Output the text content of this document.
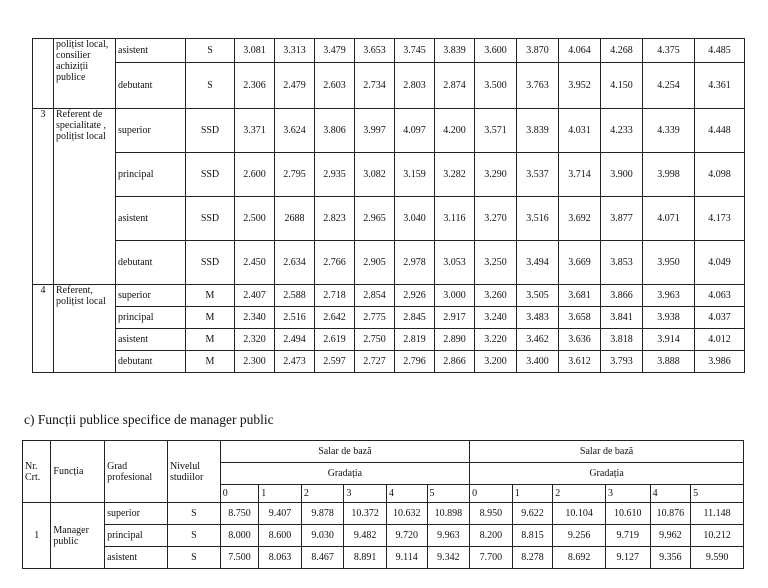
	polițist local, consilier achiziții publice	asistent	S	3.081	3.313	3.479	3.653	3.745	3.839	3.600	3.870	4.064	4.268	4.375	4.485
		debutant	S	2.306	2.479	2.603	2.734	2.803	2.874	3.500	3.763	3.952	4.150	4.254	4.361
3	Referent de specialitate , polițist local	superior	SSD	3.371	3.624	3.806	3.997	4.097	4.200	3.571	3.839	4.031	4.233	4.339	4.448
		principal	SSD	2.600	2.795	2.935	3.082	3.159	3.282	3.290	3.537	3.714	3.900	3.998	4.098
		asistent	SSD	2.500	2688	2.823	2.965	3.040	3.116	3.270	3.516	3.692	3.877	4.071	4.173
		debutant	SSD	2.450	2.634	2.766	2.905	2.978	3.053	3.250	3.494	3.669	3.853	3.950	4.049
4	Referent, polițist local	superior	M	2.407	2.588	2.718	2.854	2.926	3.000	3.260	3.505	3.681	3.866	3.963	4.063
		principal	M	2.340	2.516	2.642	2.775	2.845	2.917	3.240	3.483	3.658	3.841	3.938	4.037
		asistent	M	2.320	2.494	2.619	2.750	2.819	2.890	3.220	3.462	3.636	3.818	3.914	4.012
		debutant	M	2.300	2.473	2.597	2.727	2.796	2.866	3.200	3.400	3.612	3.793	3.888	3.986
c) Funcții publice specifice de manager public
Nr. Crt.	Funcția	Grad profesional	Nivelul studiilor	Salar de bază						Salar de bază					
				Gradația						Gradația					
				0	1	2	3	4	5	0	1	2	3	4	5
1	Manager public	superior	S	8.750	9.407	9.878	10.372	10.632	10.898	8.950	9.622	10.104	10.610	10.876	11.148
		principal	S	8.000	8.600	9.030	9.482	9.720	9.963	8.200	8.815	9.256	9.719	9.962	10.212
		asistent	S	7.500	8.063	8.467	8.891	9.114	9.342	7.700	8.278	8.692	9.127	9.356	9.590
